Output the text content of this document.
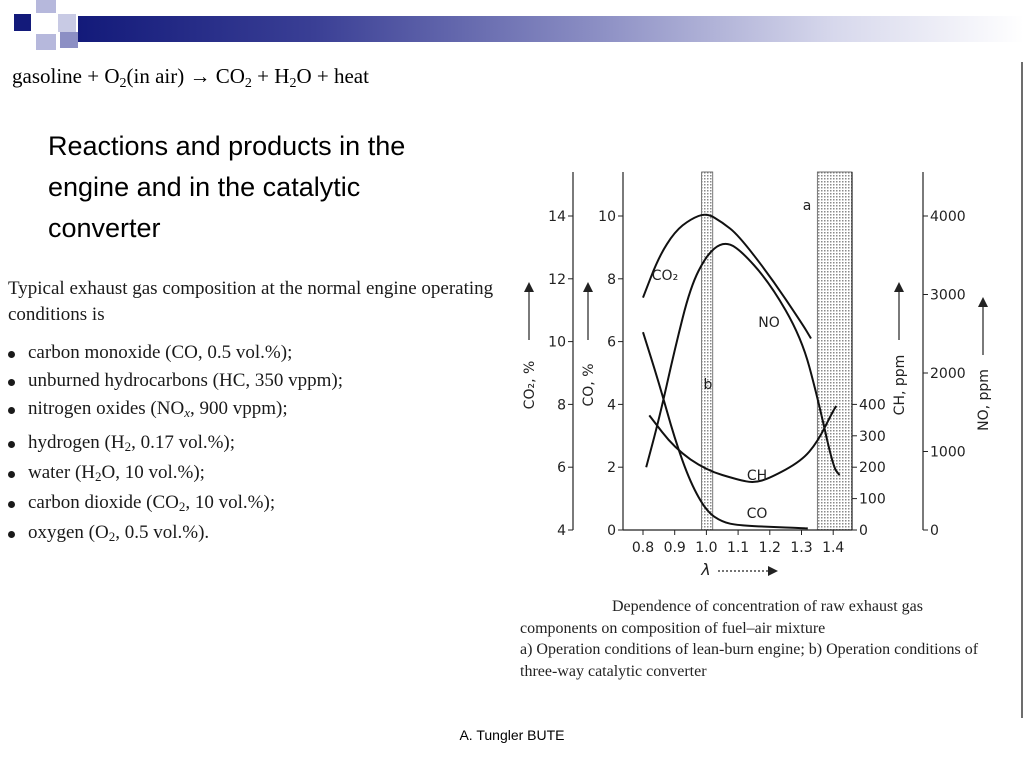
gasoline + $O_2(in$ $air) \to CO_2 + H_2O$ + heat
Reactions and products in the engine and in the catalytic converter
Typical exhaust gas composition at the normal engine operating conditions is
carbon monoxide (CO, 0.5 vol.%);
unburned hydrocarbons (HC, 350 vppm);
nitrogen oxides ($NO_x$, 900 vppm);
hydrogen ($H_2$, 0.17 vol.%);
water ($H_2O$, 10 vol.%);
carbon dioxide ($CO_2$, 10 vol.%);
oxygen ($O_2$, 0.5 vol.%).
0.8 0.9 1.0 1.1 1.2 1.3 1.4
λ
4
6
8
10
12
14
0
2
4
6
8
10
0
100
200
300
400
0
1000
2000
3000
4000
CO₂, %	CO, %	CH, ppm	NO, ppm
CO₂
CO
NO
CH
b
a
Dependence of concentration of raw exhaust gas components on composition of fuel–air mixture
a) Operation conditions of lean-burn engine; b) Operation conditions of three-way catalytic converter
A. Tungler BUTE
